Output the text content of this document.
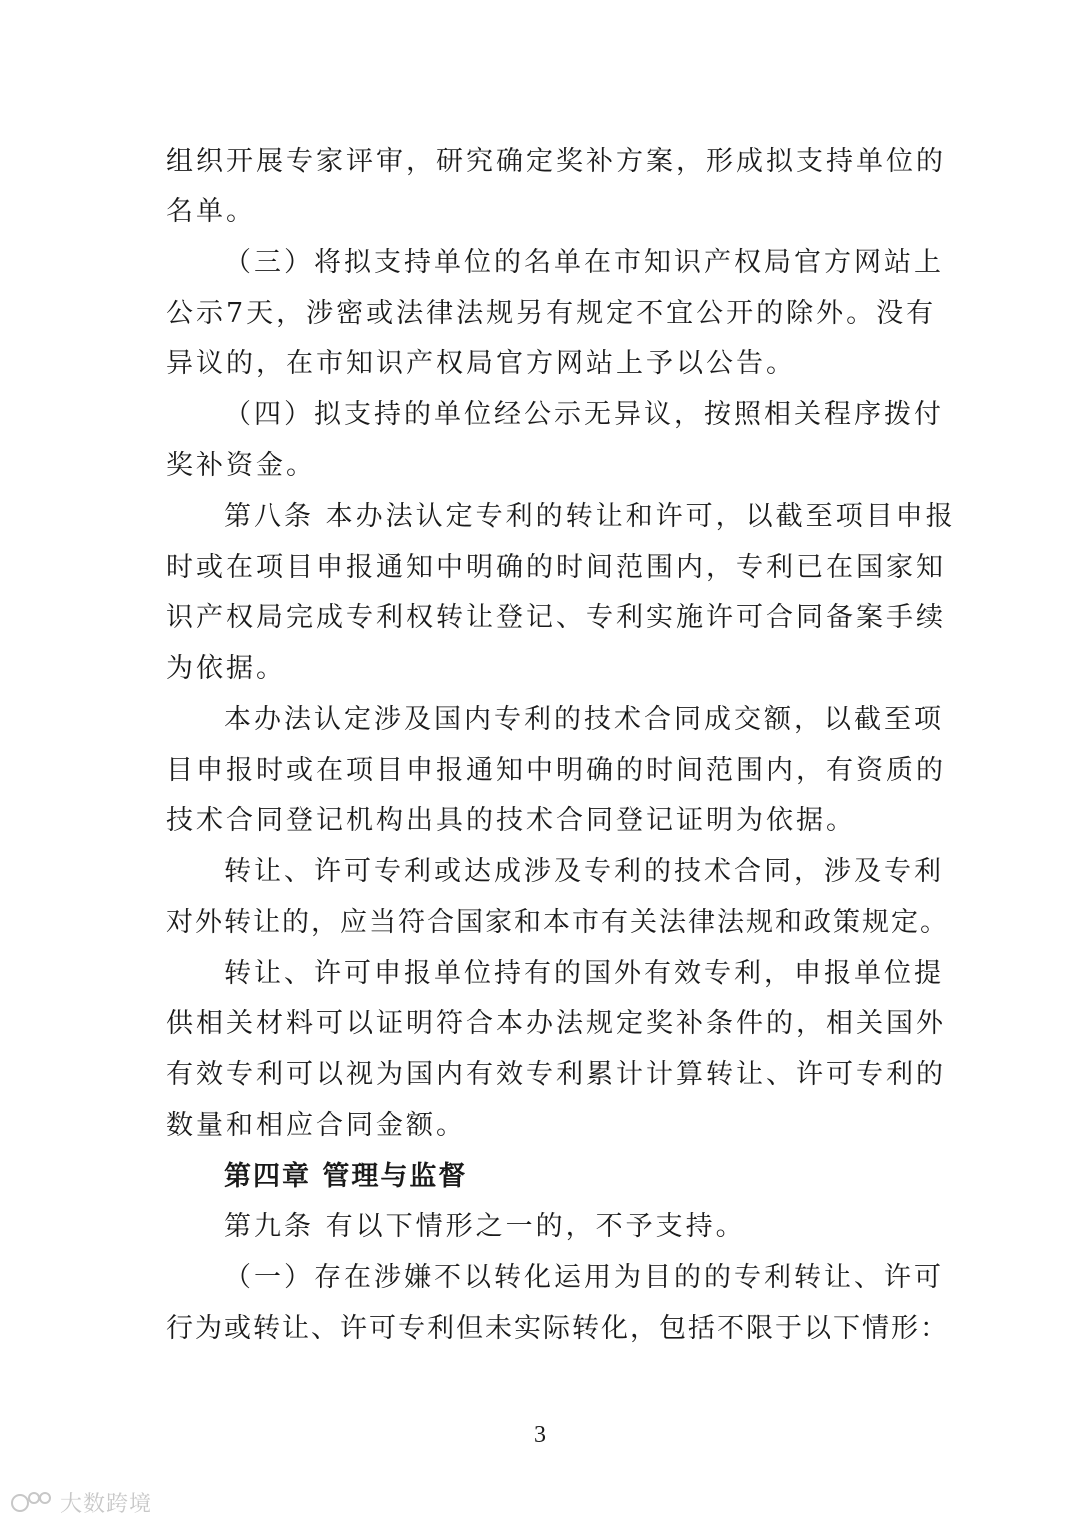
组织开展专家评审，研究确定奖补方案，形成拟支持单位的
名单。
（三）将拟支持单位的名单在市知识产权局官方网站上
公示7天，涉密或法律法规另有规定不宜公开的除外。没有
异议的，在市知识产权局官方网站上予以公告。
（四）拟支持的单位经公示无异议，按照相关程序拨付
奖补资金。
第八条 本办法认定专利的转让和许可，以截至项目申报
时或在项目申报通知中明确的时间范围内，专利已在国家知
识产权局完成专利权转让登记、专利实施许可合同备案手续
为依据。
本办法认定涉及国内专利的技术合同成交额，以截至项
目申报时或在项目申报通知中明确的时间范围内，有资质的
技术合同登记机构出具的技术合同登记证明为依据。
转让、许可专利或达成涉及专利的技术合同，涉及专利
对外转让的，应当符合国家和本市有关法律法规和政策规定。
转让、许可申报单位持有的国外有效专利，申报单位提
供相关材料可以证明符合本办法规定奖补条件的，相关国外
有效专利可以视为国内有效专利累计计算转让、许可专利的
数量和相应合同金额。
第四章 管理与监督
第九条 有以下情形之一的，不予支持。
（一）存在涉嫌不以转化运用为目的的专利转让、许可
行为或转让、许可专利但未实际转化，包括不限于以下情形：
3
大数跨境
